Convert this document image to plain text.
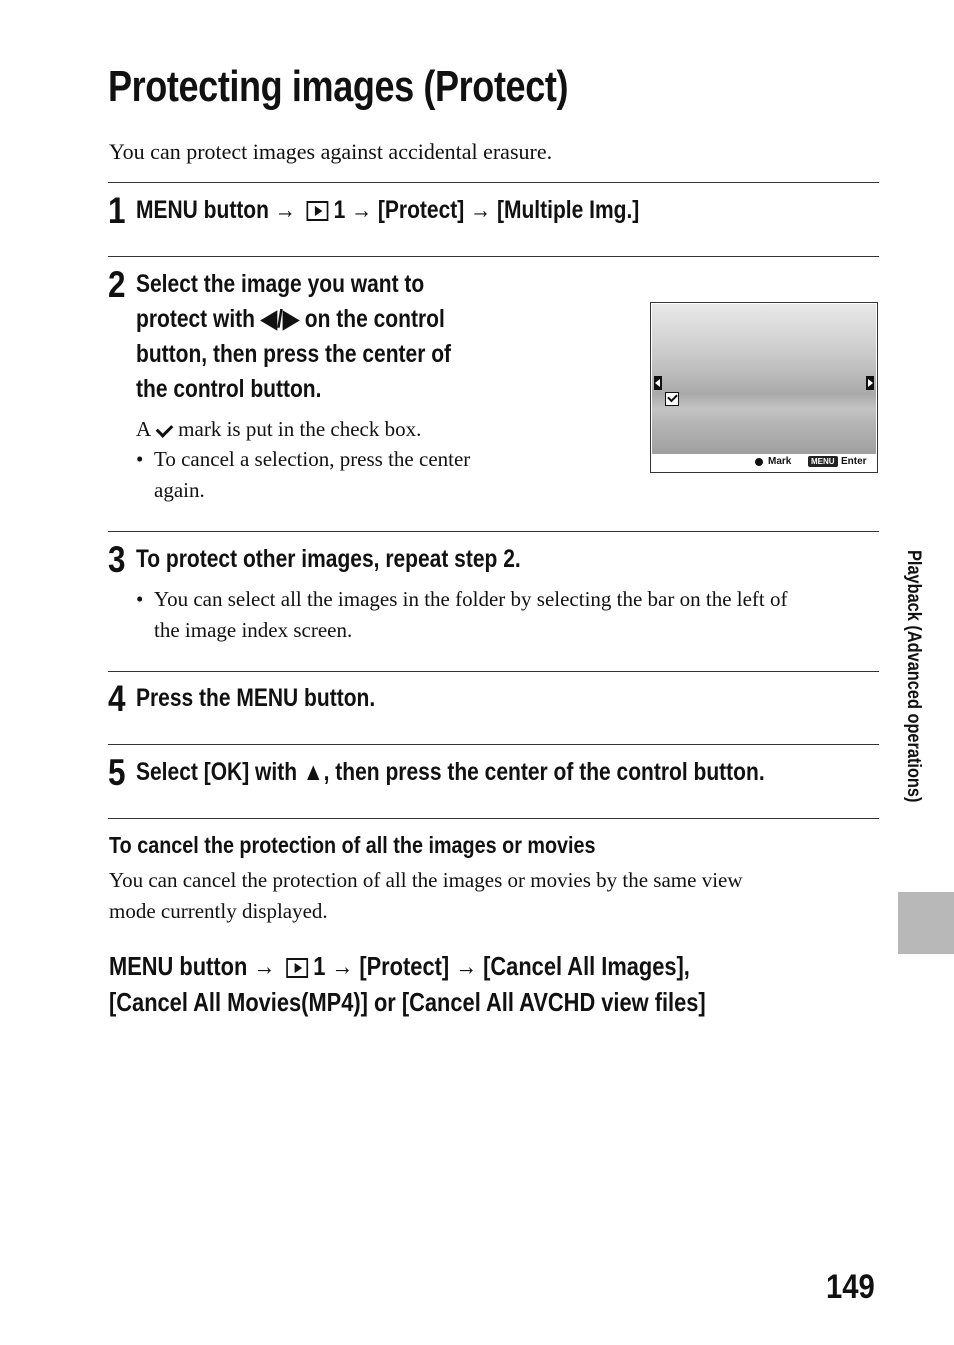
Protecting images (Protect)
You can protect images against accidental erasure.
1 MENU button → 1 → [Protect] → [Multiple Img.]
2 Select the image you want to
protect with ◀/▶ on the control
button, then press the center of
the control button.
A mark is put in the check box.
• To cancel a selection, press the center
again.
Mark	MENU Enter
3 To protect other images, repeat step 2.
• You can select all the images in the folder by selecting the bar on the left of
the image index screen.
4 Press the MENU button.
5 Select [OK] with ▲, then press the center of the control button.
To cancel the protection of all the images or movies
You can cancel the protection of all the images or movies by the same view
mode currently displayed.
MENU button → 1 → [Protect] → [Cancel All Images],
[Cancel All Movies(MP4)] or [Cancel All AVCHD view files]
Playback (Advanced operations)
149
